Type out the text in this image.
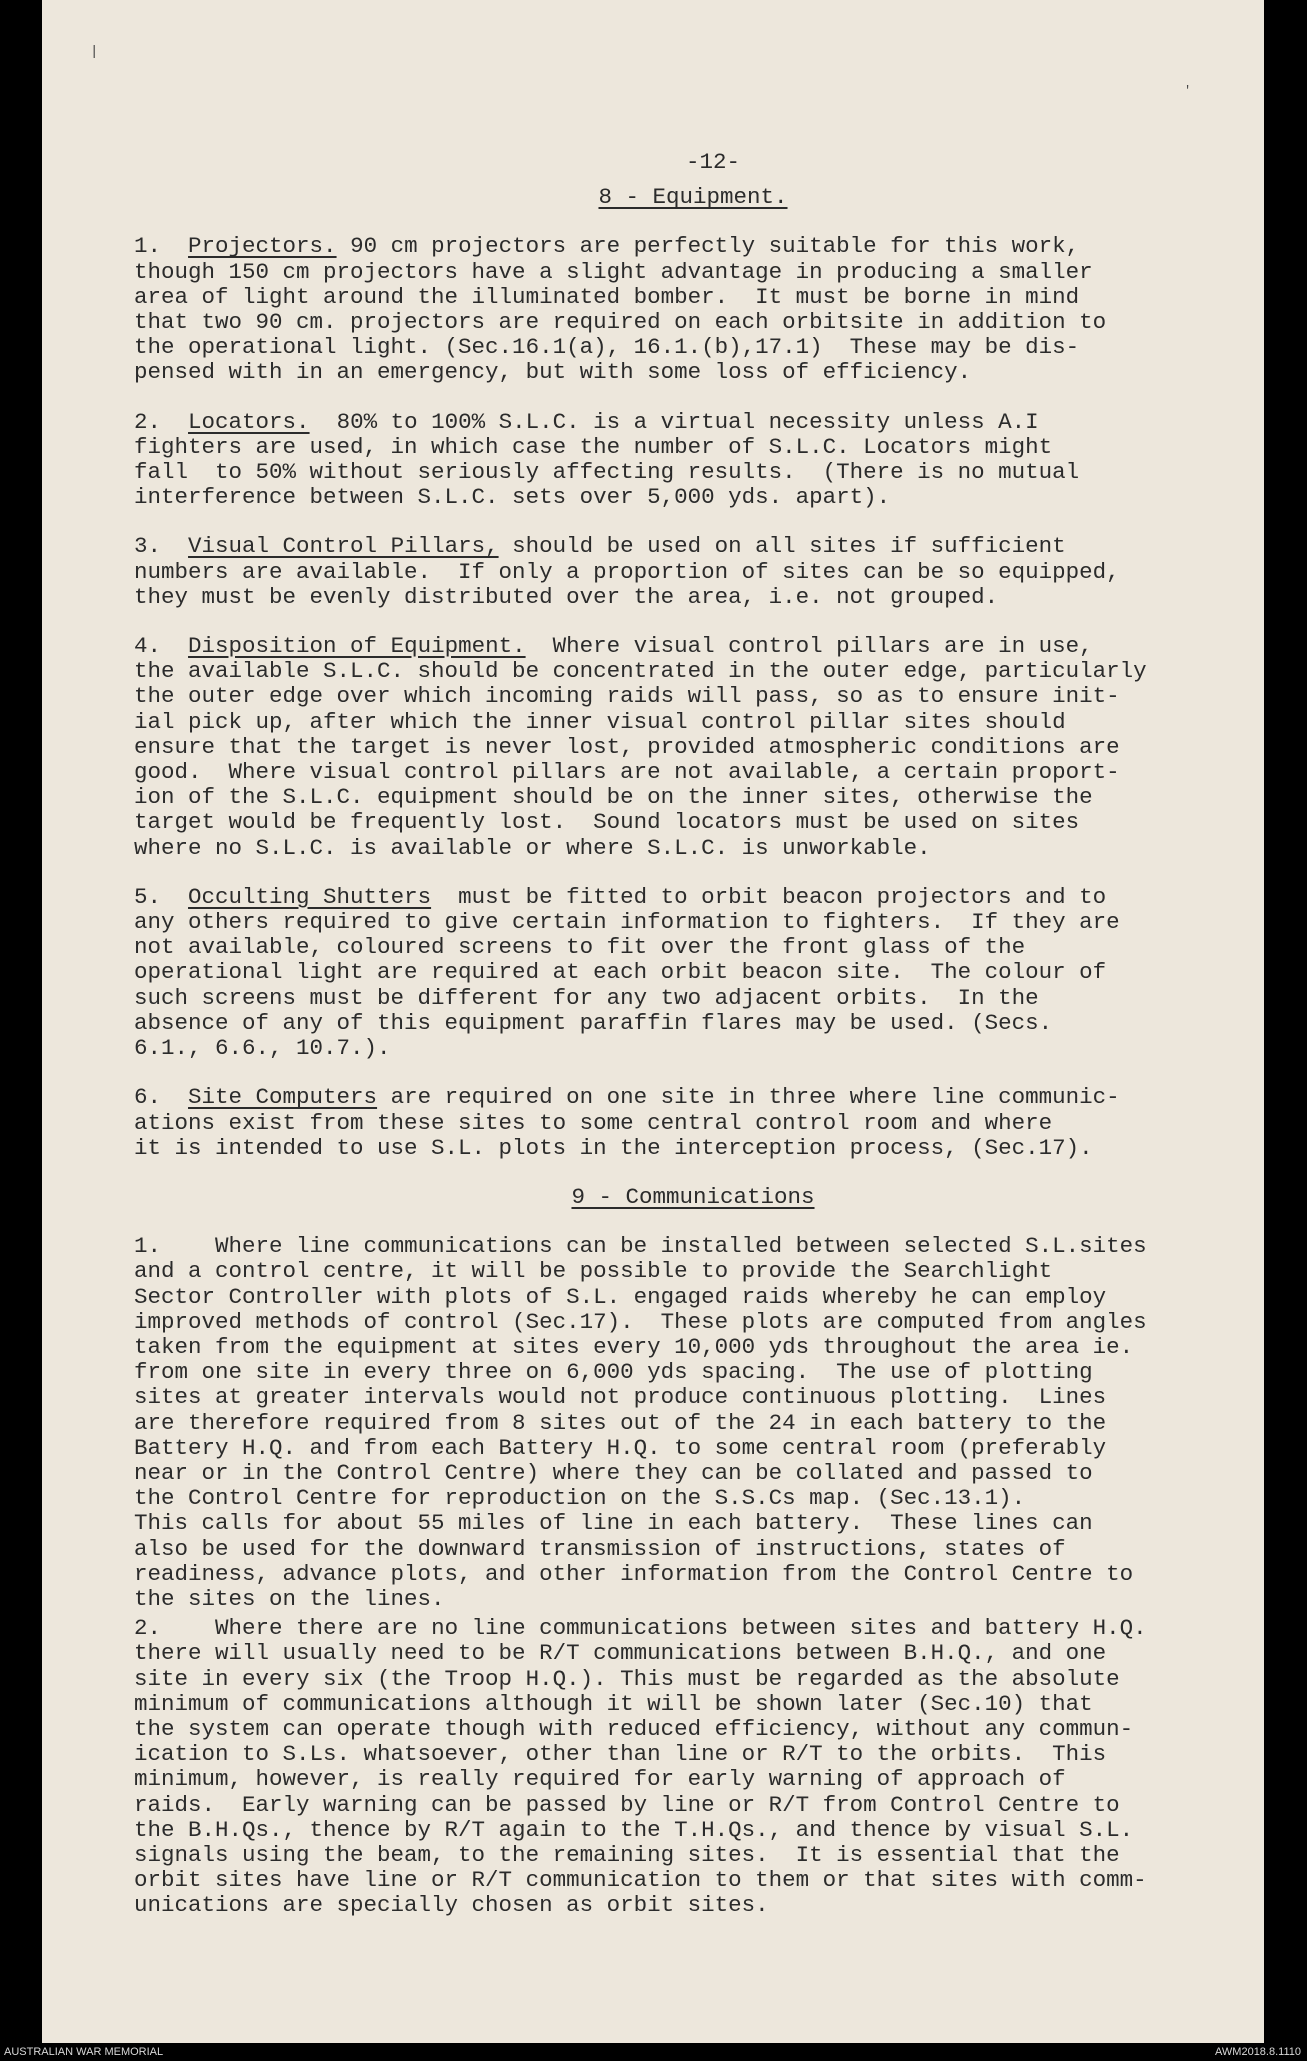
|
'
-12-
8 - Equipment.
1. Projectors. 90 cm projectors are perfectly suitable for this work,
though 150 cm projectors have a slight advantage in producing a smaller
area of light around the illuminated bomber.  It must be borne in mind
that two 90 cm. projectors are required on each orbitsite in addition to
the operational light. (Sec.16.1(a), 16.1.(b),17.1)  These may be dis-
pensed with in an emergency, but with some loss of efficiency.
2. Locators.  80% to 100% S.L.C. is a virtual necessity unless A.I
fighters are used, in which case the number of S.L.C. Locators might
fall  to 50% without seriously affecting results.  (There is no mutual
interference between S.L.C. sets over 5,000 yds. apart).
3. Visual Control Pillars, should be used on all sites if sufficient
numbers are available.  If only a proportion of sites can be so equipped,
they must be evenly distributed over the area, i.e. not grouped.
4. Disposition of Equipment.  Where visual control pillars are in use,
the available S.L.C. should be concentrated in the outer edge, particularly
the outer edge over which incoming raids will pass, so as to ensure init-
ial pick up, after which the inner visual control pillar sites should
ensure that the target is never lost, provided atmospheric conditions are
good.  Where visual control pillars are not available, a certain proport-
ion of the S.L.C. equipment should be on the inner sites, otherwise the
target would be frequently lost.  Sound locators must be used on sites
where no S.L.C. is available or where S.L.C. is unworkable.
5. Occulting Shutters  must be fitted to orbit beacon projectors and to
any others required to give certain information to fighters.  If they are
not available, coloured screens to fit over the front glass of the
operational light are required at each orbit beacon site.  The colour of
such screens must be different for any two adjacent orbits.  In the
absence of any of this equipment paraffin flares may be used. (Secs.
6.1., 6.6., 10.7.).
6. Site Computers are required on one site in three where line communic-
ations exist from these sites to some central control room and where
it is intended to use S.L. plots in the interception process, (Sec.17).
9 - Communications
1.    Where line communications can be installed between selected S.L.sites
and a control centre, it will be possible to provide the Searchlight
Sector Controller with plots of S.L. engaged raids whereby he can employ
improved methods of control (Sec.17).  These plots are computed from angles
taken from the equipment at sites every 10,000 yds throughout the area ie.
from one site in every three on 6,000 yds spacing.  The use of plotting
sites at greater intervals would not produce continuous plotting.  Lines
are therefore required from 8 sites out of the 24 in each battery to the
Battery H.Q. and from each Battery H.Q. to some central room (preferably
near or in the Control Centre) where they can be collated and passed to
the Control Centre for reproduction on the S.S.Cs map. (Sec.13.1).
This calls for about 55 miles of line in each battery.  These lines can
also be used for the downward transmission of instructions, states of
readiness, advance plots, and other information from the Control Centre to
the sites on the lines.
2.    Where there are no line communications between sites and battery H.Q.
there will usually need to be R/T communications between B.H.Q., and one
site in every six (the Troop H.Q.). This must be regarded as the absolute
minimum of communications although it will be shown later (Sec.10) that
the system can operate though with reduced efficiency, without any commun-
ication to S.Ls. whatsoever, other than line or R/T to the orbits.  This
minimum, however, is really required for early warning of approach of
raids.  Early warning can be passed by line or R/T from Control Centre to
the B.H.Qs., thence by R/T again to the T.H.Qs., and thence by visual S.L.
signals using the beam, to the remaining sites.  It is essential that the
orbit sites have line or R/T communication to them or that sites with comm-
unications are specially chosen as orbit sites.
AUSTRALIAN WAR MEMORIAL	AWM2018.8.1110
